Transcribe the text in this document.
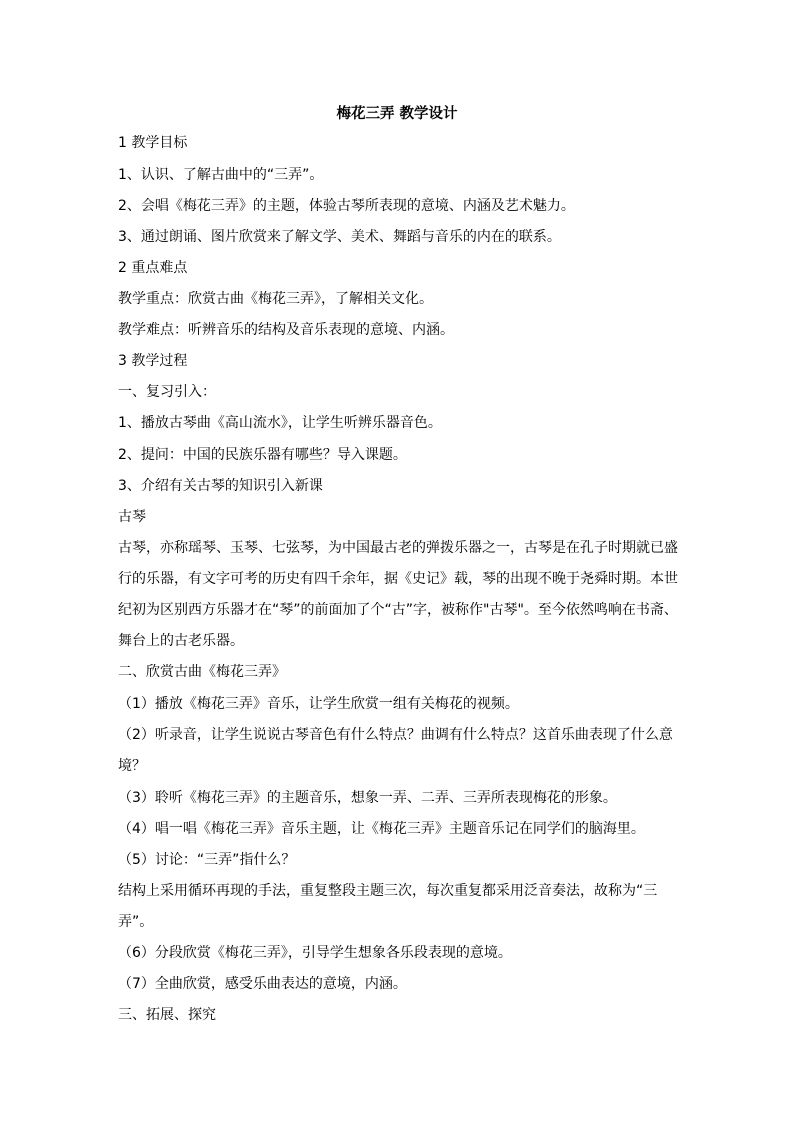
梅花三弄 教学设计
1 教学目标
1、认识、了解古曲中的“三弄”。
2、会唱《梅花三弄》的主题，体验古琴所表现的意境、内涵及艺术魅力。
3、通过朗诵、图片欣赏来了解文学、美术、舞蹈与音乐的内在的联系。
2 重点难点
教学重点：欣赏古曲《梅花三弄》，了解相关文化。
教学难点：听辨音乐的结构及音乐表现的意境、内涵。
3 教学过程
一、复习引入：
1、播放古琴曲《高山流水》，让学生听辨乐器音色。
2、提问：中国的民族乐器有哪些？导入课题。
3、介绍有关古琴的知识引入新课
古琴
古琴，亦称瑶琴、玉琴、七弦琴，为中国最古老的弹拨乐器之一，古琴是在孔子时期就已盛
行的乐器，有文字可考的历史有四千余年，据《史记》载，琴的出现不晚于尧舜时期。本世
纪初为区别西方乐器才在“琴”的前面加了个“古”字，被称作"古琴"。至今依然鸣响在书斋、
舞台上的古老乐器。
二、欣赏古曲《梅花三弄》
（1）播放《梅花三弄》音乐，让学生欣赏一组有关梅花的视频。
（2）听录音，让学生说说古琴音色有什么特点？曲调有什么特点？这首乐曲表现了什么意
境？
（3）聆听《梅花三弄》的主题音乐，想象一弄、二弄、三弄所表现梅花的形象。
（4）唱一唱《梅花三弄》音乐主题，让《梅花三弄》主题音乐记在同学们的脑海里。
（5）讨论：“三弄”指什么？
结构上采用循环再现的手法，重复整段主题三次，每次重复都采用泛音奏法，故称为“三
弄”。
（6）分段欣赏《梅花三弄》，引导学生想象各乐段表现的意境。
（7）全曲欣赏，感受乐曲表达的意境，内涵。
三、拓展、探究
